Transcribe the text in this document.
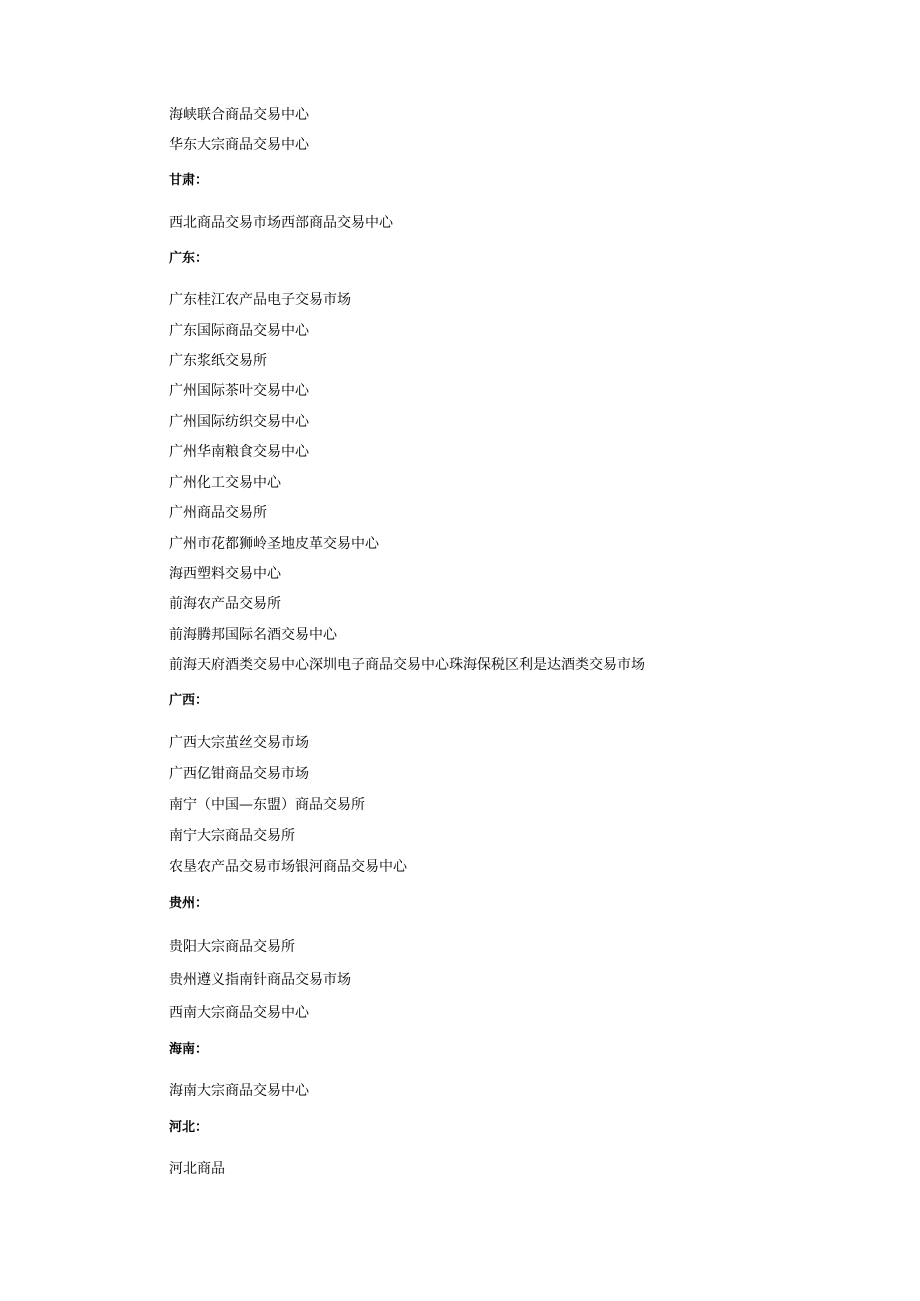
海峡联合商品交易中心
华东大宗商品交易中心
甘肃：
西北商品交易市场西部商品交易中心
广东：
广东桂江农产品电子交易市场
广东国际商品交易中心
广东浆纸交易所
广州国际茶叶交易中心
广州国际纺织交易中心
广州华南粮食交易中心
广州化工交易中心
广州商品交易所
广州市花都狮岭圣地皮革交易中心
海西塑料交易中心
前海农产品交易所
前海腾邦国际名酒交易中心
前海天府酒类交易中心深圳电子商品交易中心珠海保税区利是达酒类交易市场
广西：
广西大宗茧丝交易市场
广西亿钳商品交易市场
南宁（中国—东盟）商品交易所
南宁大宗商品交易所
农垦农产品交易市场银河商品交易中心
贵州：
贵阳大宗商品交易所
贵州遵义指南针商品交易市场
西南大宗商品交易中心
海南：
海南大宗商品交易中心
河北：
河北商品
